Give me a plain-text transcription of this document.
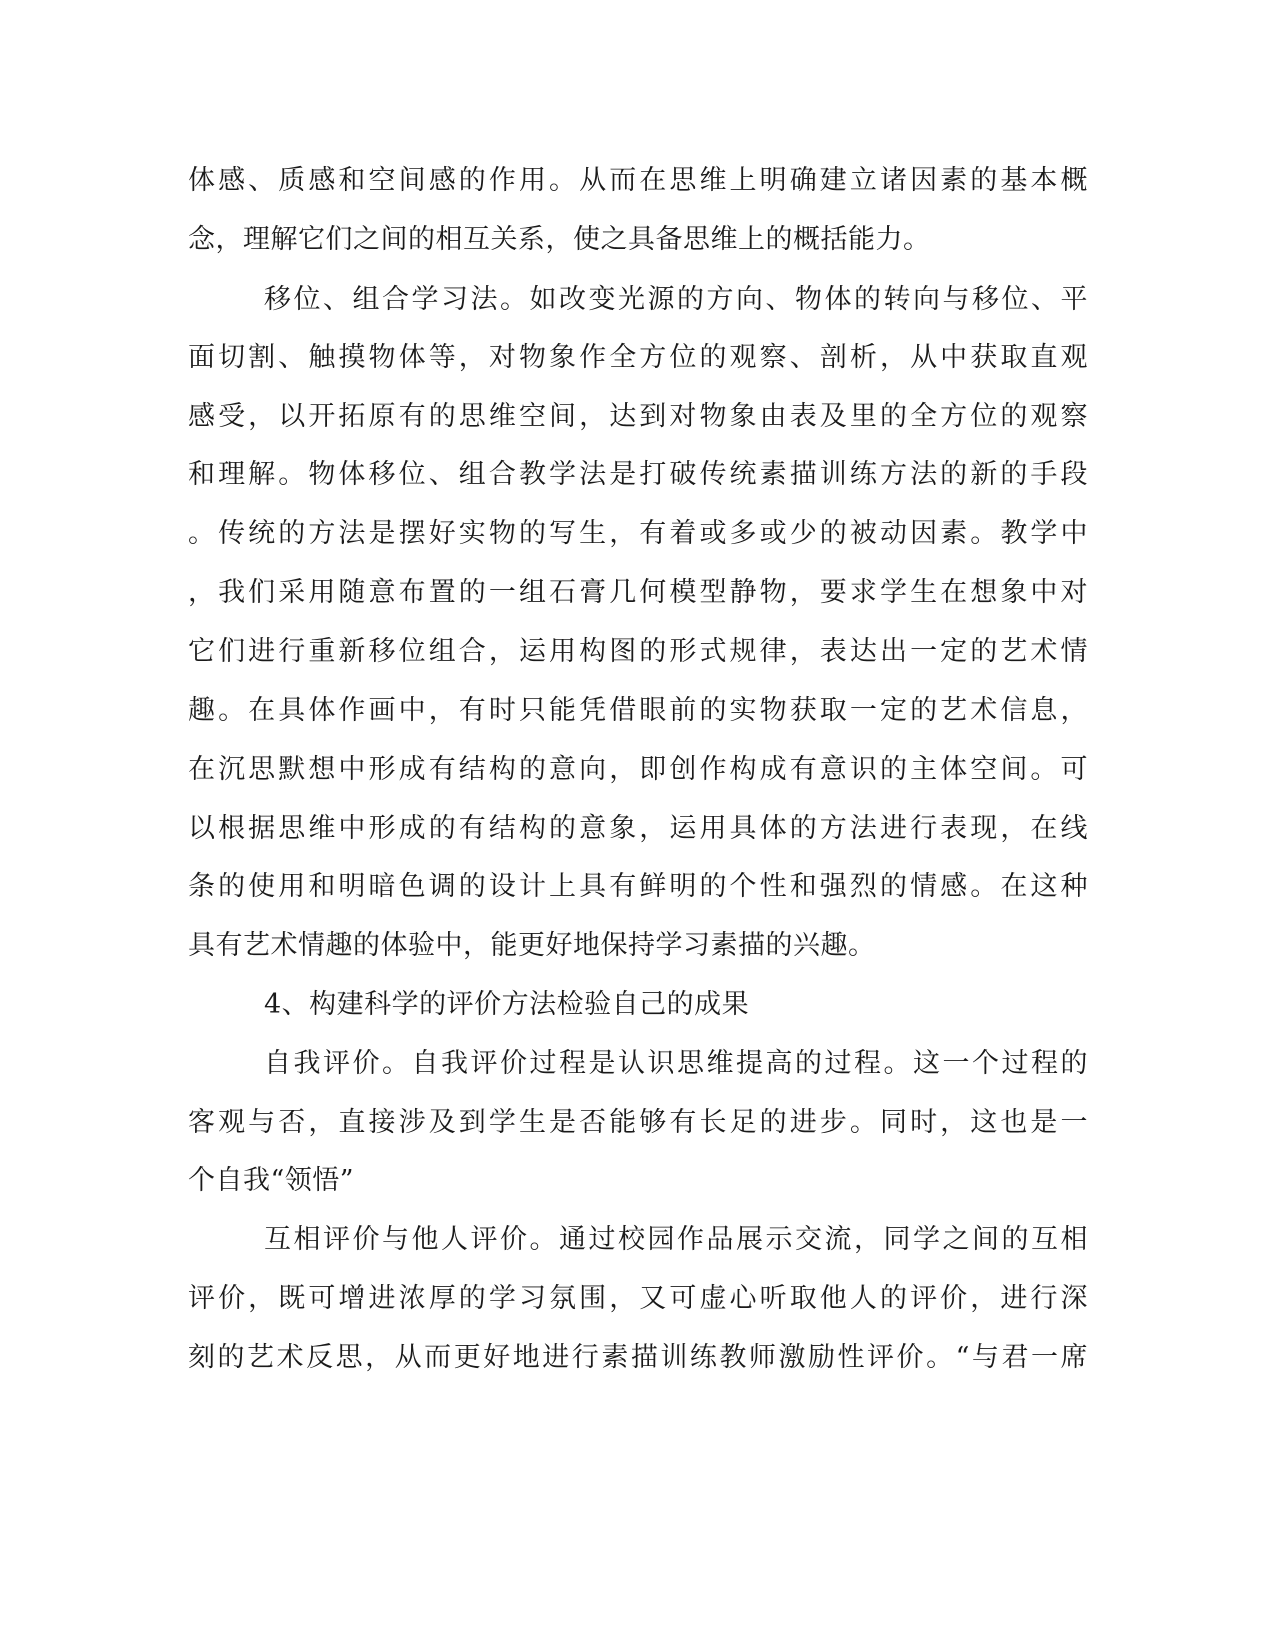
体感、质感和空间感的作用。从而在思维上明确建立诸因素的基本概
念，理解它们之间的相互关系，使之具备思维上的概括能力。
移位、组合学习法。如改变光源的方向、物体的转向与移位、平
面切割、触摸物体等，对物象作全方位的观察、剖析，从中获取直观
感受，以开拓原有的思维空间，达到对物象由表及里的全方位的观察
和理解。物体移位、组合教学法是打破传统素描训练方法的新的手段
。传统的方法是摆好实物的写生，有着或多或少的被动因素。教学中
，我们采用随意布置的一组石膏几何模型静物，要求学生在想象中对
它们进行重新移位组合，运用构图的形式规律，表达出一定的艺术情
趣。在具体作画中，有时只能凭借眼前的实物获取一定的艺术信息，
在沉思默想中形成有结构的意向，即创作构成有意识的主体空间。可
以根据思维中形成的有结构的意象，运用具体的方法进行表现，在线
条的使用和明暗色调的设计上具有鲜明的个性和强烈的情感。在这种
具有艺术情趣的体验中，能更好地保持学习素描的兴趣。
4、构建科学的评价方法检验自己的成果
自我评价。自我评价过程是认识思维提高的过程。这一个过程的
客观与否，直接涉及到学生是否能够有长足的进步。同时，这也是一
个自我“领悟”
互相评价与他人评价。通过校园作品展示交流，同学之间的互相
评价，既可增进浓厚的学习氛围，又可虚心听取他人的评价，进行深
刻的艺术反思，从而更好地进行素描训练教师激励性评价。“与君一席
